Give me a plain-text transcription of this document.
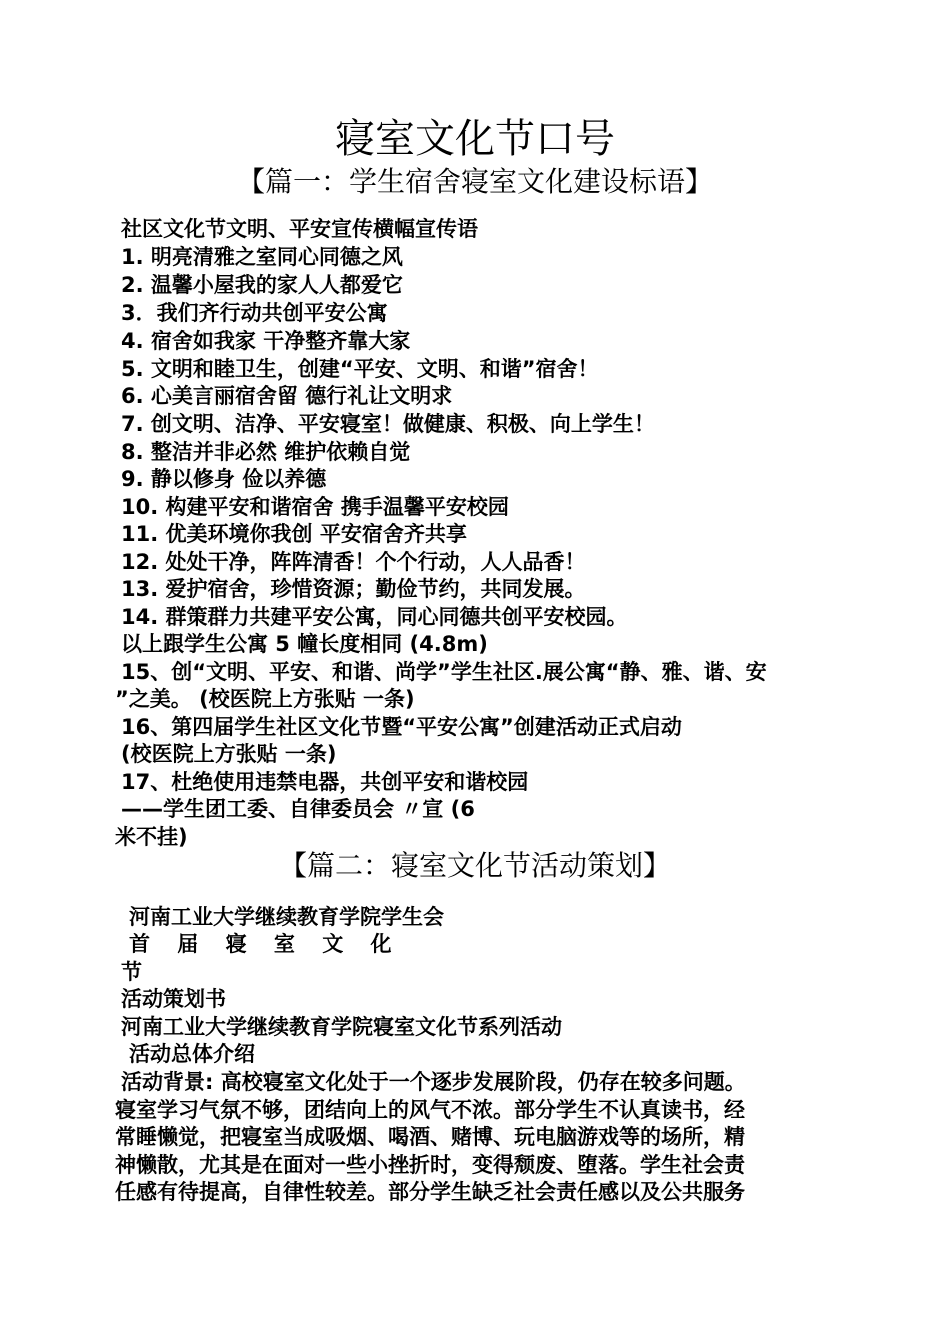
寝室文化节口号
【篇一：学生宿舍寝室文化建设标语】
社区文化节文明、平安宣传横幅宣传语
1. 明亮清雅之室同心同德之风
2. 温馨小屋我的家人人都爱它
3．我们齐行动共创平安公寓
4. 宿舍如我家 干净整齐靠大家
5. 文明和睦卫生，创建“平安、文明、和谐”宿舍！
6. 心美言丽宿舍留 德行礼让文明求
7. 创文明、洁净、平安寝室！做健康、积极、向上学生！
8. 整洁并非必然 维护依赖自觉
9. 静以修身 俭以养德
10. 构建平安和谐宿舍 携手温馨平安校园
11. 优美环境你我创 平安宿舍齐共享
12. 处处干净，阵阵清香！个个行动，人人品香！
13. 爱护宿舍，珍惜资源；勤俭节约，共同发展。
14. 群策群力共建平安公寓，同心同德共创平安校园。
以上跟学生公寓 5 幢长度相同 (4.8m)
15、创“文明、平安、和谐、尚学”学生社区.展公寓“静、雅、谐、安
”之美。 (校医院上方张贴 一条)
16、第四届学生社区文化节暨“平安公寓”创建活动正式启动
(校医院上方张贴 一条)
17、杜绝使用违禁电器，共创平安和谐校园
——学生团工委、自律委员会 〃宣 (6
米不挂)
【篇二：寝室文化节活动策划】
河南工业大学继续教育学院学生会
首 届 寝 室 文 化
节
活动策划书
河南工业大学继续教育学院寝室文化节系列活动
活动总体介绍
活动背景: 高校寝室文化处于一个逐步发展阶段，仍存在较多问题。
寝室学习气氛不够，团结向上的风气不浓。部分学生不认真读书，经
常睡懒觉，把寝室当成吸烟、喝酒、赌博、玩电脑游戏等的场所，精
神懒散，尤其是在面对一些小挫折时，变得颓废、堕落。学生社会责
任感有待提高，自律性较差。部分学生缺乏社会责任感以及公共服务
